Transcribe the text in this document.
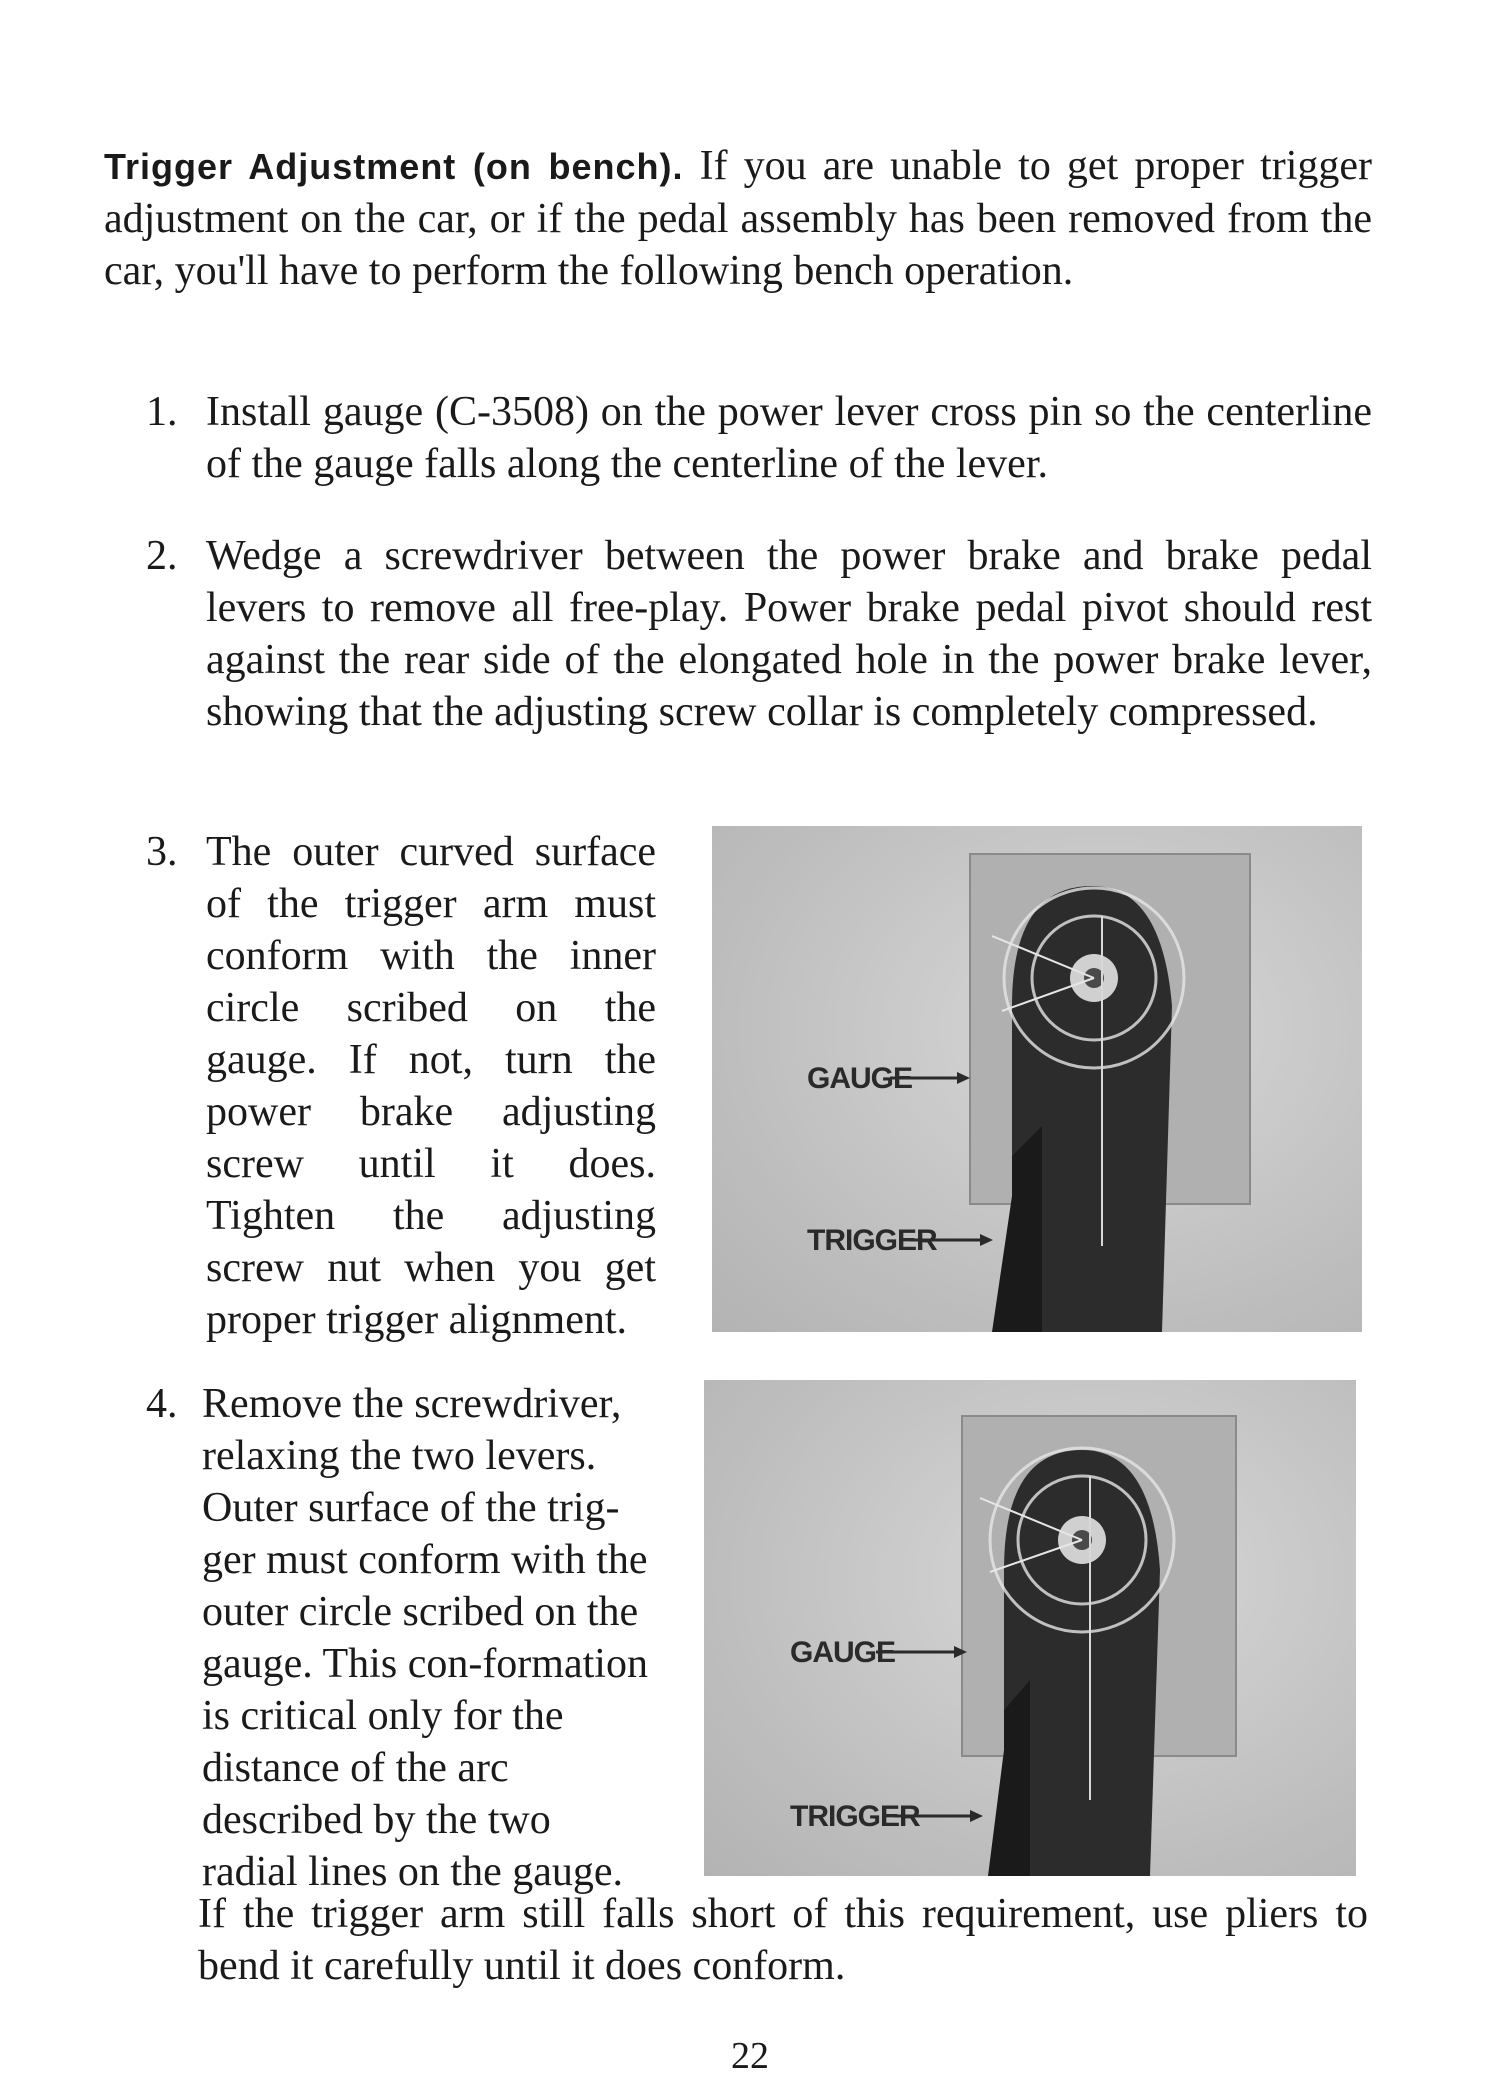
Trigger Adjustment (on bench). If you are unable to get proper trigger adjustment on the car, or if the pedal assembly has been removed from the car, you'll have to perform the following bench operation.

1. Install gauge (C-3508) on the power lever cross pin so the centerline of the gauge falls along the centerline of the lever.

2. Wedge a screwdriver between the power brake and brake pedal levers to remove all free-play. Power brake pedal pivot should rest against the rear side of the elongated hole in the power brake lever, showing that the adjusting screw collar is completely compressed.

3. The outer curved surface of the trigger arm must conform with the inner circle scribed on the gauge. If not, turn the power brake adjusting screw until it does. Tighten the adjusting screw nut when you get proper trigger alignment.

GAUGE
TRIGGER
4. Remove the screwdriver, relaxing the two levers. Outer surface of the trig-ger must conform with the outer circle scribed on the gauge. This con-formation is critical only for the distance of the arc described by the two radial lines on the gauge.

GAUGE
TRIGGER

If the trigger arm still falls short of this requirement, use pliers to bend it carefully until it does conform.

22
